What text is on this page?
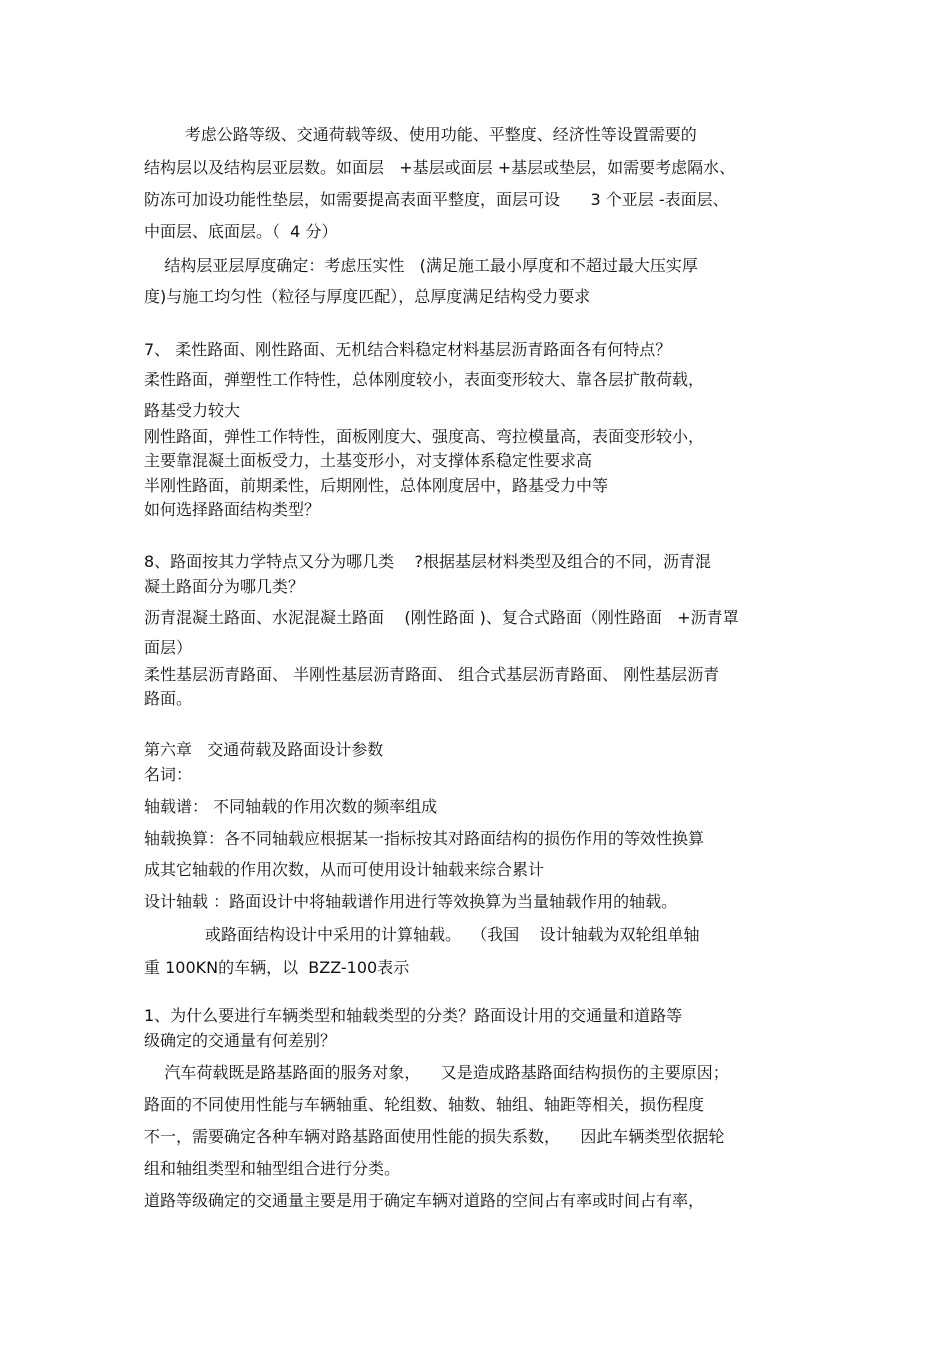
考虑公路等级、交通荷载等级、使用功能、平整度、经济性等设置需要的

结构层以及结构层亚层数。如面层   +基层或面层 +基层或垫层，如需要考虑隔水、

防冻可加设功能性垫层，如需要提高表面平整度，面层可设      3 个亚层 -表面层、

中面层、底面层。（  4 分）

结构层亚层厚度确定：考虑压实性   (满足施工最小厚度和不超过最大压实厚

度)与施工均匀性（粒径与厚度匹配），总厚度满足结构受力要求

7、 柔性路面、刚性路面、无机结合料稳定材料基层沥青路面各有何特点？

柔性路面，弹塑性工作特性，总体刚度较小，表面变形较大、靠各层扩散荷载，

路基受力较大

刚性路面，弹性工作特性，面板刚度大、强度高、弯拉模量高，表面变形较小，

主要靠混凝土面板受力，土基变形小，对支撑体系稳定性要求高

半刚性路面，前期柔性，后期刚性，总体刚度居中，路基受力中等

如何选择路面结构类型？

8、路面按其力学特点又分为哪几类    ?根据基层材料类型及组合的不同，沥青混

凝土路面分为哪几类？

沥青混凝土路面、水泥混凝土路面    (刚性路面 )、复合式路面（刚性路面   +沥青罩

面层）

柔性基层沥青路面、 半刚性基层沥青路面、 组合式基层沥青路面、 刚性基层沥青

路面。

第六章   交通荷载及路面设计参数

名词：

轴载谱： 不同轴载的作用次数的频率组成

轴载换算：各不同轴载应根据某一指标按其对路面结构的损伤作用的等效性换算

成其它轴载的作用次数，从而可使用设计轴载来综合累计

设计轴载 ：路面设计中将轴载谱作用进行等效换算为当量轴载作用的轴载。

或路面结构设计中采用的计算轴载。  （我国    设计轴载为双轮组单轴

重 100KN的车辆，以  BZZ-100表示

1、为什么要进行车辆类型和轴载类型的分类？路面设计用的交通量和道路等

级确定的交通量有何差别？

汽车荷载既是路基路面的服务对象，    又是造成路基路面结构损伤的主要原因；

路面的不同使用性能与车辆轴重、轮组数、轴数、轴组、轴距等相关，损伤程度

不一，需要确定各种车辆对路基路面使用性能的损失系数，    因此车辆类型依据轮

组和轴组类型和轴型组合进行分类。

道路等级确定的交通量主要是用于确定车辆对道路的空间占有率或时间占有率，
